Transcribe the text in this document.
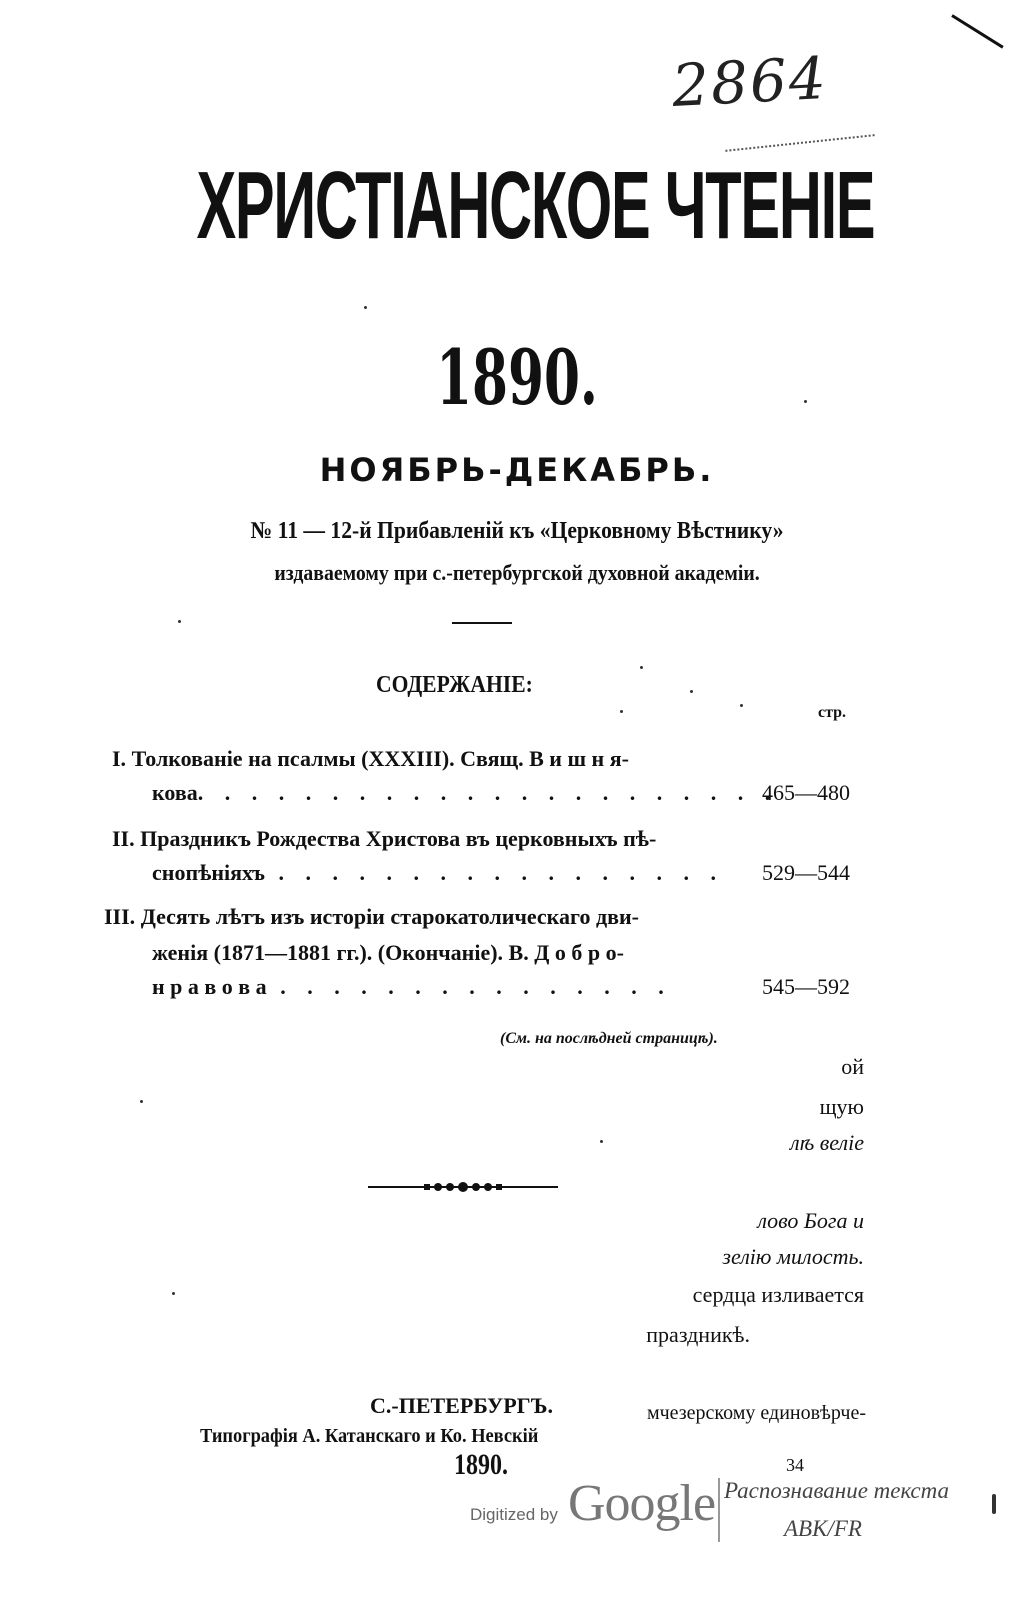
2864
ХРИСТІАНСКОЕ ЧТЕНІЕ
1890.
НОЯБРЬ-ДЕКАБРЬ.
№ 11 — 12-й Прибавленій къ «Церковному Вѣстнику»
издаваемому при с.-петербургской духовной академіи.
СОДЕРЖАНІЕ:
стр.
I. Толкованіе на псалмы (XXXIII). Свящ. В и ш н я-
кова. . . . . . . . . . . . . . . . . . . . . .
465—480
II. Праздникъ Рождества Христова въ церковныхъ пѣ-
снопѣніяхъ . . . . . . . . . . . . . . . . . 529—544
III. Десять лѣтъ изъ исторіи старокатолическаго дви-
женія (1871—1881 гг.). (Окончаніе). В. Д о б р о-
н р а в о в а . . . . . . . . . . . . . . .	545—592
(См. на послѣдней страницѣ).
ой
щую
лѣ велie
лово Бога и
зелію милость.
сердца изливается
праздникѣ.
С.-ПЕТЕРБУРГЪ.	мчезерскому единовѣрче-
Типографія А. Катанскаго и Ко. Невскій
1890.	34
Digitized by Google Распознавание текста
ABK/FR
